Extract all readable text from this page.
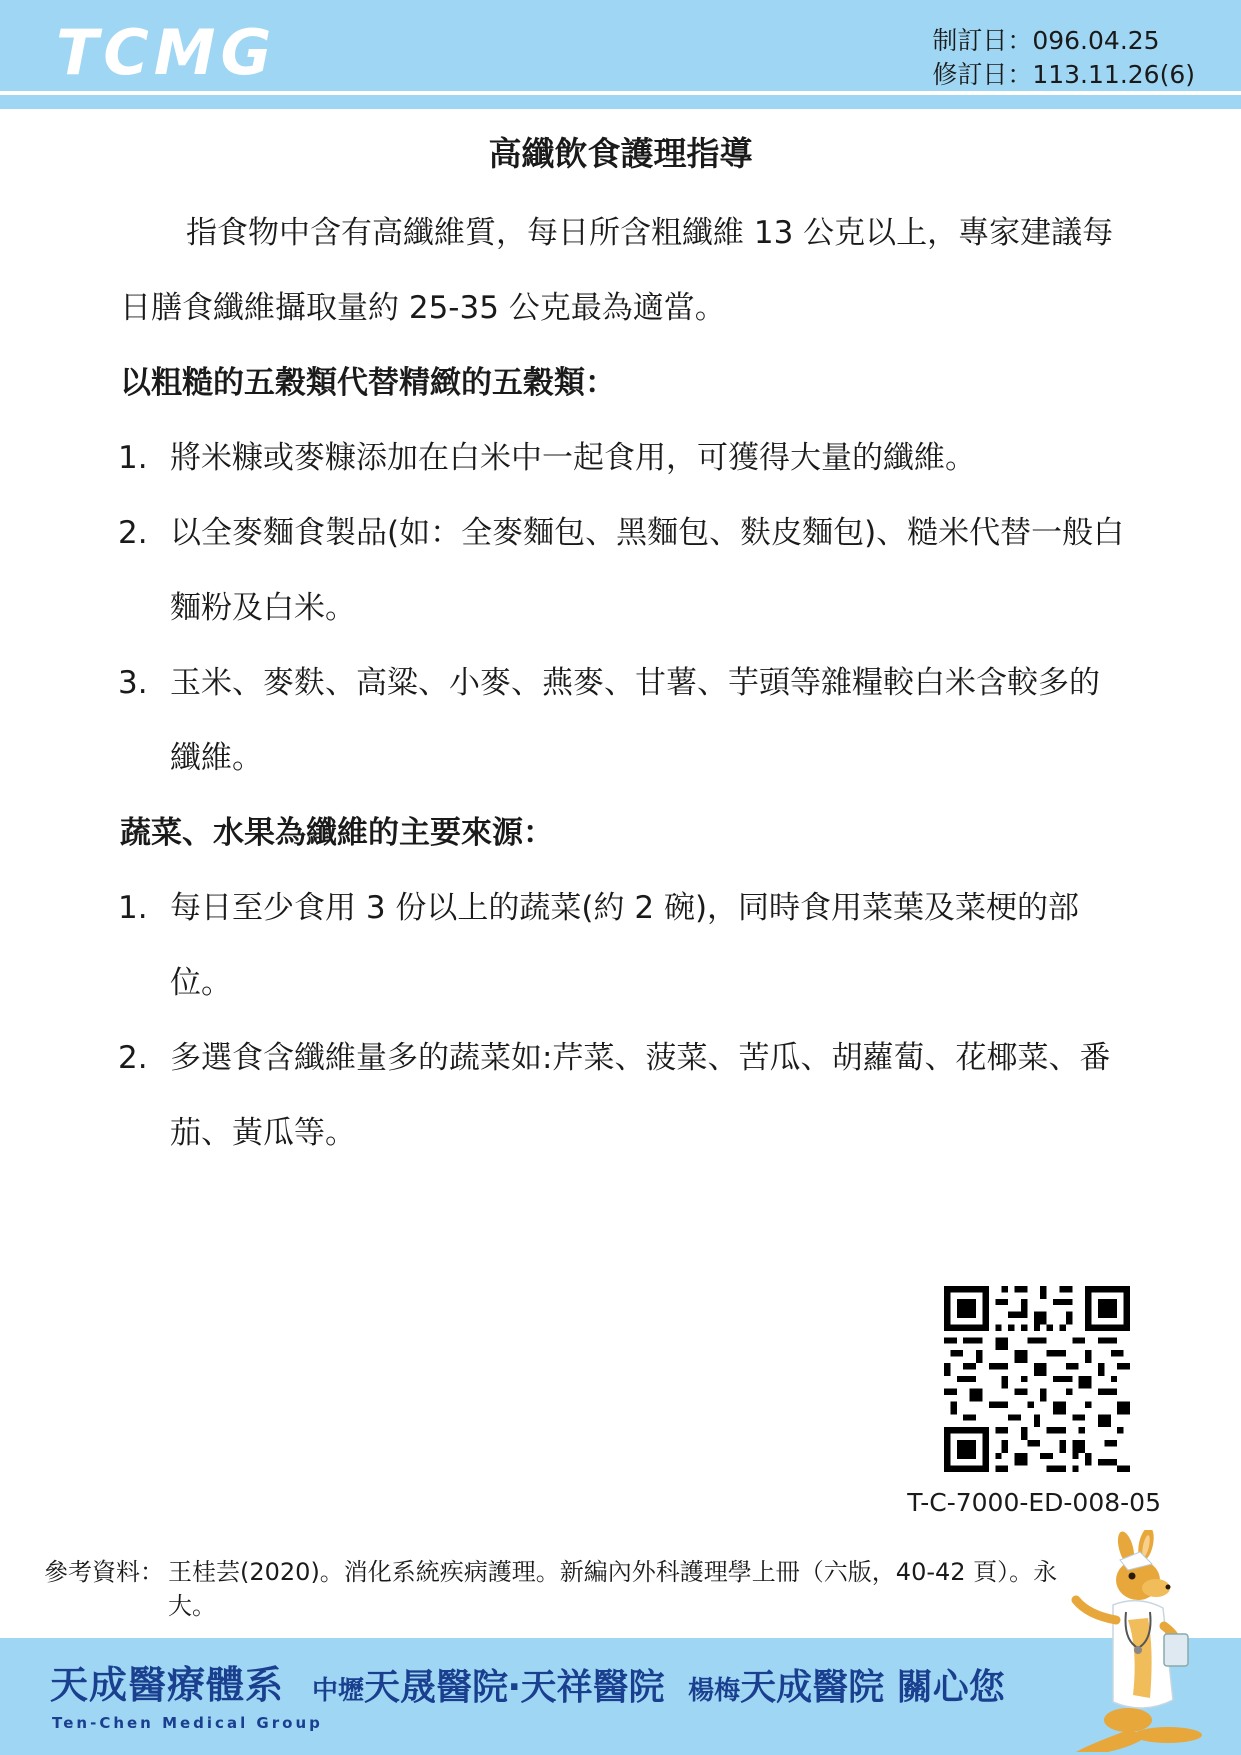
TCMG	制訂日：096.04.25
修訂日：113.11.26(6)
高纖飲食護理指導
指食物中含有高纖維質，每日所含粗纖維 13 公克以上，專家建議每日膳食纖維攝取量約 25-35 公克最為適當。
以粗糙的五穀類代替精緻的五穀類：
1. 將米糠或麥糠添加在白米中一起食用，可獲得大量的纖維。
2. 以全麥麵食製品(如：全麥麵包、黑麵包、麩皮麵包)、糙米代替一般白麵粉及白米。
3. 玉米、麥麩、高粱、小麥、燕麥、甘薯、芋頭等雜糧較白米含較多的纖維。
蔬菜、水果為纖維的主要來源：
1. 每日至少食用 3 份以上的蔬菜(約 2 碗)，同時食用菜葉及菜梗的部位。
2. 多選食含纖維量多的蔬菜如:芹菜、菠菜、苦瓜、胡蘿蔔、花椰菜、番茄、黃瓜等。
T-C-7000-ED-008-05
參考資料： 王桂芸(2020)。消化系統疾病護理。新編內外科護理學上冊（六版，40-42 頁）。永大。
天成醫療體系
Ten-Chen Medical Group
中壢天晟醫院‧天祥醫院 楊梅天成醫院 關心您
